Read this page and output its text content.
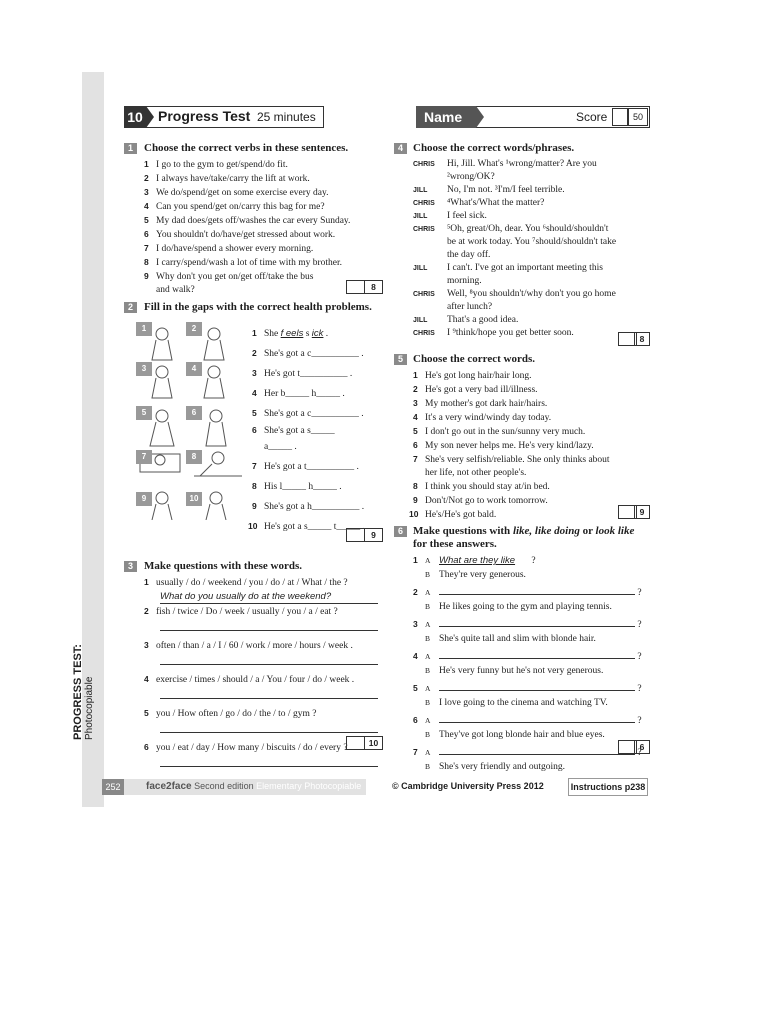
PROGRESS TEST: Photocopiable
10 Progress Test 25 minutes	Name	Score	50
1	Choose the correct verbs in these sentences.
1 I go to the gym to get/spend/do fit.
2 I always have/take/carry the lift at work.
3 We do/spend/get on some exercise every day.
4 Can you spend/get on/carry this bag for me?
5 My dad does/gets off/washes the car every Sunday.
6 You shouldn't do/have/get stressed about work.
7 I do/have/spend a shower every morning.
8 I carry/spend/wash a lot of time with my brother.
9 Why don't you get on/get off/take the bus
and walk?	8
2	Fill in the gaps with the correct health problems.
1	2
3	4
5	6
7	8
9	10
1 She f eels s ick .
2 She's got a c__________ .
3 He's got t__________ .
4 Her b_____ h_____ .
5 She's got a c__________ .
6 She's got a s_____
a_____ .
7 He's got a t__________ .
8 His l_____ h_____ .
9 She's got a h__________ .
10 He's got a s_____ t_____ .
9
3	Make questions with these words.
1 usually / do / weekend / you / do / at / What / the ?
What do you usually do at the weekend?
2 fish / twice / Do / week / usually / you / a / eat ?
3 often / than / a / I / 60 / work / more / hours / week .
4 exercise / times / should / a / You / four / do / week .
5 you / How often / go / do / the / to / gym ?
6 you / eat / day / How many / biscuits / do / every ?	10
4 Choose the correct words/phrases.
CHRIS Hi, Jill. What's ¹wrong/matter? Are you
²wrong/OK?
JILL No, I'm not. ³I'm/I feel terrible.
CHRIS ⁴What's/What the matter?
JILL I feel sick.
CHRIS ⁵Oh, great/Oh, dear. You ⁶should/shouldn't
be at work today. You ⁷should/shouldn't take
the day off.
JILL I can't. I've got an important meeting this
morning.
CHRIS Well, ⁸you shouldn't/why don't you go home
after lunch?
JILL That's a good idea.
CHRIS I ⁹think/hope you get better soon.
8
5 Choose the correct words.
1 He's got long hair/hair long.
2 He's got a very bad ill/illness.
3 My mother's got dark hair/hairs.
4 It's a very wind/windy day today.
5 I don't go out in the sun/sunny very much.
6 My son never helps me. He's very kind/lazy.
7 She's very selfish/reliable. She only thinks about
her life, not other people's.
8 I think you should stay at/in bed.
9 Don't/Not go to work tomorrow.
10 He's/He's got bald.	9
6 Make questions with like, like doing or look like
for these answers.
1 A What are they like ?
B They're very generous.
2 A	?
B He likes going to the gym and playing tennis.
3 A	?
B She's quite tall and slim with blonde hair.
4 A	?
B He's very funny but he's not very generous.
5 A	?
B I love going to the cinema and watching TV.
6 A	?
B They've got long blonde hair and blue eyes.
7 A	?
B She's very friendly and outgoing.
6
252	face2face Second edition Elementary Photocopiable	© Cambridge University Press 2012	Instructions p238
